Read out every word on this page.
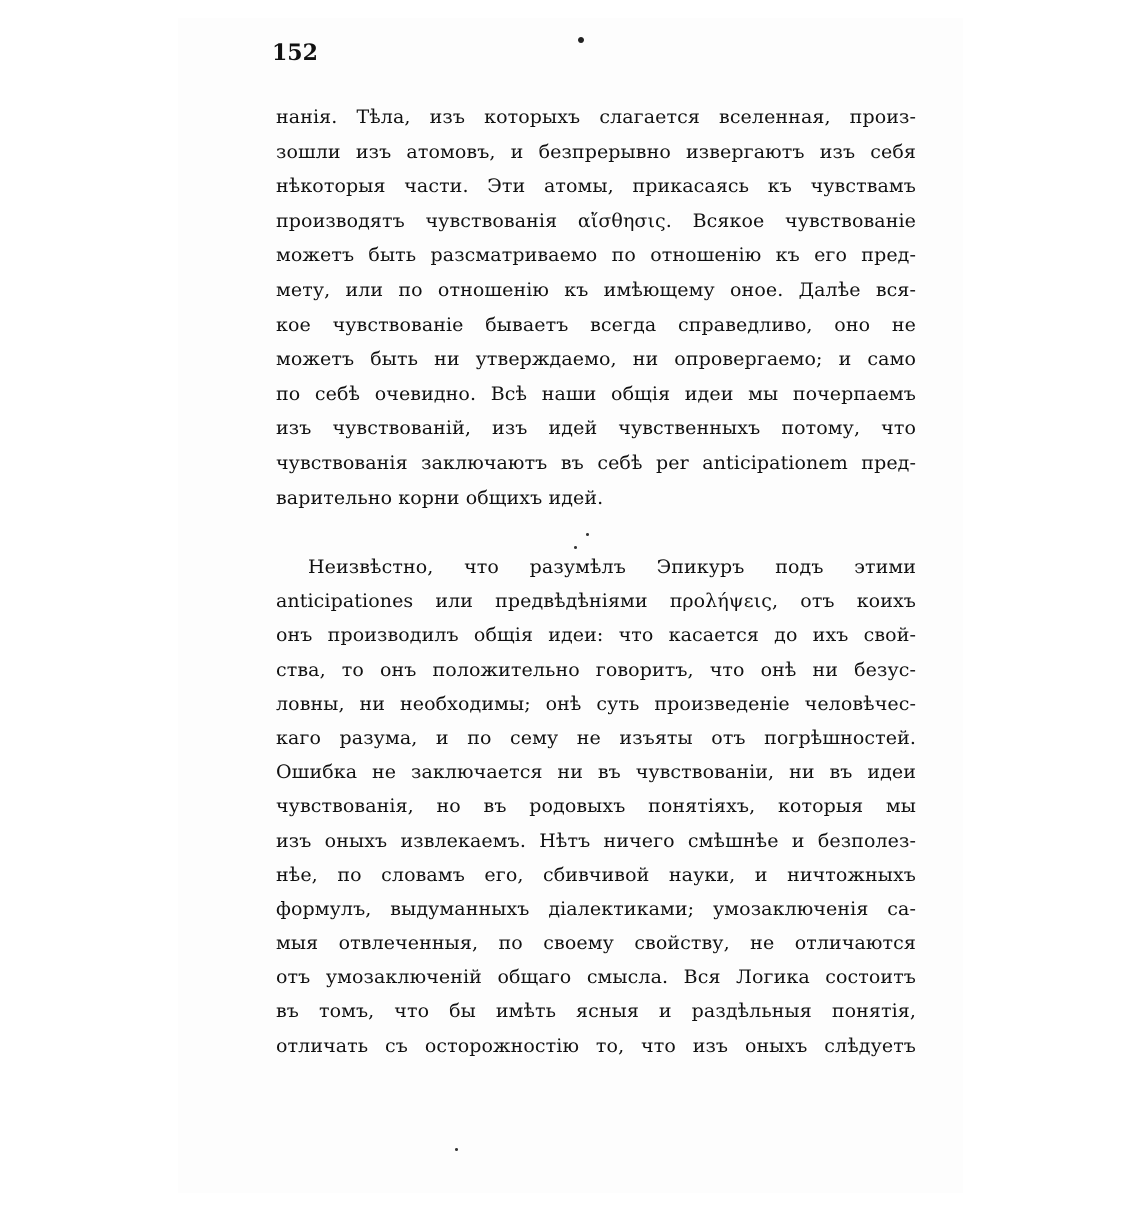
152
нанія. Тѣла, изъ которыхъ слагается вселенная, произ-
зошли изъ атомовъ, и безпрерывно извергаютъ изъ себя
нѣкоторыя части. Эти атомы, прикасаясь къ чувствамъ
производятъ чувствованія αἴσθησις. Всякое чувствованіе
можетъ быть разсматриваемо по отношенію къ его пред-
мету, или по отношенію къ имѣющему оное. Далѣе вся-
кое чувствованіе бываетъ всегда справедливо, оно не
можетъ быть ни утверждаемо, ни опровергаемо; и само
по себѣ очевидно. Всѣ наши общія идеи мы почерпаемъ
изъ чувствованій, изъ идей чувственныхъ потому, что
чувствованія заключаютъ въ себѣ per anticipationem пред-
варительно корни общихъ идей.
Неизвѣстно, что разумѣлъ Эпикуръ подъ этими
anticipationes или предвѣдѣніями προλήψεις, отъ коихъ
онъ производилъ общія идеи: что касается до ихъ свой-
ства, то онъ положительно говоритъ, что онѣ ни безус-
ловны, ни необходимы; онѣ суть произведеніе человѣчес-
каго разума, и по сему не изъяты отъ погрѣшностей.
Ошибка не заключается ни въ чувствованіи, ни въ идеи
чувствованія, но въ родовыхъ понятіяхъ, которыя мы
изъ оныхъ извлекаемъ. Нѣтъ ничего смѣшнѣе и безполез-
нѣе, по словамъ его, сбивчивой науки, и ничтожныхъ
формулъ, выдуманныхъ діалектиками; умозаключенія са-
мыя отвлеченныя, по своему свойству, не отличаются
отъ умозаключеній общаго смысла. Вся Логика состоитъ
въ томъ, что бы имѣть ясныя и раздѣльныя понятія,
отличать съ осторожностію то, что изъ оныхъ слѣдуетъ
